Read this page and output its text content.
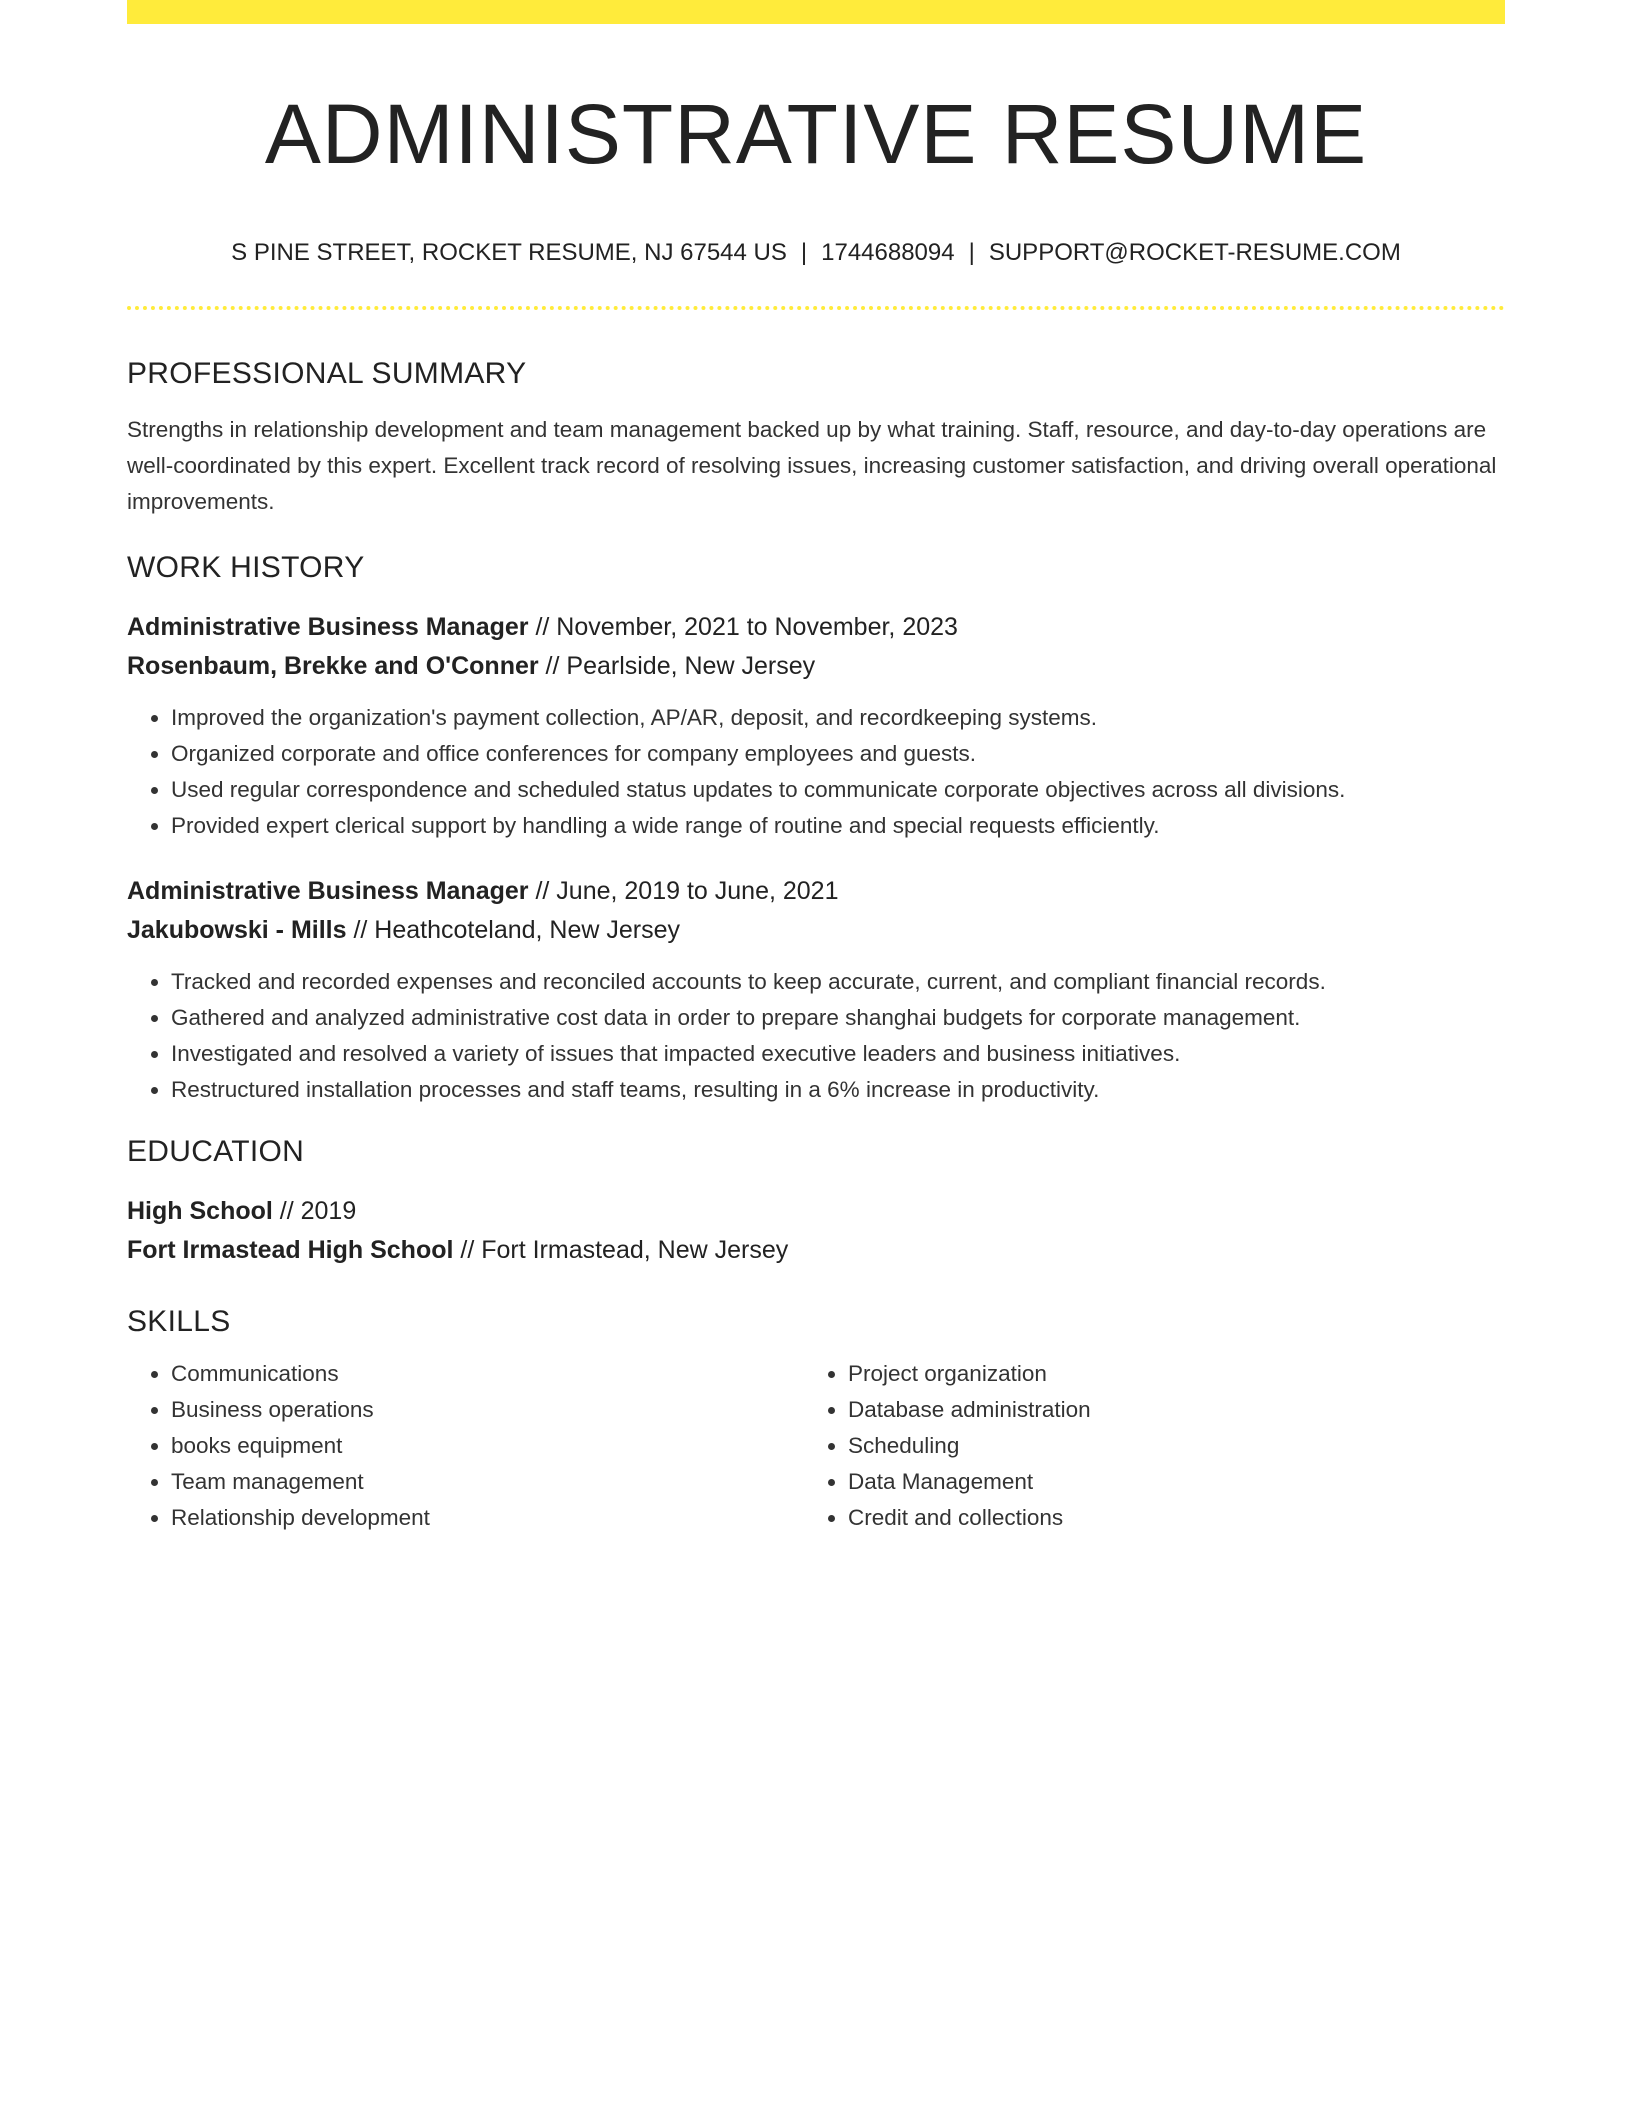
ADMINISTRATIVE RESUME
S PINE STREET, ROCKET RESUME, NJ 67544 US | 1744688094 | SUPPORT@ROCKET-RESUME.COM
PROFESSIONAL SUMMARY
Strengths in relationship development and team management backed up by what training. Staff, resource, and day-to-day operations are well-coordinated by this expert. Excellent track record of resolving issues, increasing customer satisfaction, and driving overall operational improvements.
WORK HISTORY
Administrative Business Manager // November, 2021 to November, 2023
Rosenbaum, Brekke and O'Conner // Pearlside, New Jersey
• Improved the organization's payment collection, AP/AR, deposit, and recordkeeping systems.
• Organized corporate and office conferences for company employees and guests.
• Used regular correspondence and scheduled status updates to communicate corporate objectives across all divisions.
• Provided expert clerical support by handling a wide range of routine and special requests efficiently.
Administrative Business Manager // June, 2019 to June, 2021
Jakubowski - Mills // Heathcoteland, New Jersey
• Tracked and recorded expenses and reconciled accounts to keep accurate, current, and compliant financial records.
• Gathered and analyzed administrative cost data in order to prepare shanghai budgets for corporate management.
• Investigated and resolved a variety of issues that impacted executive leaders and business initiatives.
• Restructured installation processes and staff teams, resulting in a 6% increase in productivity.
EDUCATION
High School // 2019
Fort Irmastead High School // Fort Irmastead, New Jersey
SKILLS
• Communications
• Business operations
• books equipment
• Team management
• Relationship development
• Project organization
• Database administration
• Scheduling
• Data Management
• Credit and collections
